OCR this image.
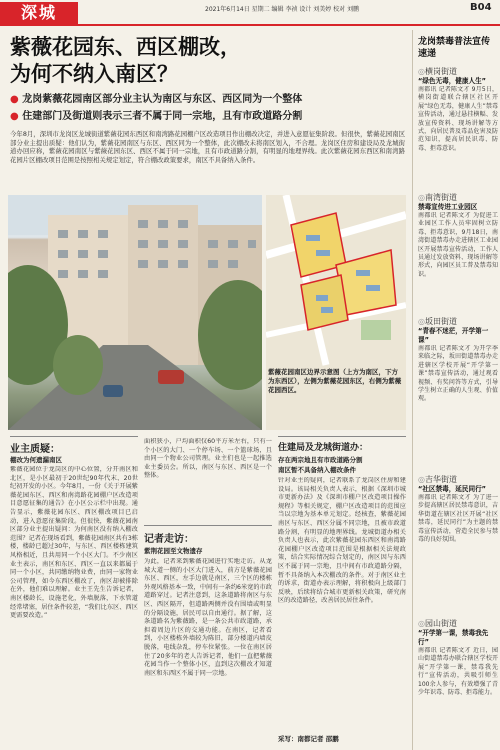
深城	2021年6月14日 星期二 编辑 李祯 设计 刘美婷 校对 刘鹏	B04
紫薇花园东、西区棚改，
为何不纳入南区？
● 龙岗紫薇花园南区部分业主认为南区与东区、西区同为一个整体
● 住建部门及街道则表示三者不属于同一宗地，且有市政道路分割
今年8月，深圳市龙岗区龙城街道紫薇花园东西区和南湾路花园棚户区改造项目作出棚改决定，并进入意愿征集阶段。但很快，紫薇花园南区部分业主提出质疑：他们认为，紫薇花园南区与东区、西区同为一个整体，此次棚改未将南区划入，不合理。龙岗区住房和建设局及龙城街道办回应称，紫薇花园南区与紫薇花园东区、西区不属于同一宗地，且有市政道路分割，有明显的地理界线。此次紫薇花园东西区和南湾路花园片区棚改项目范围是按照相关规定划定，符合棚改政策要求，南区不具备纳入条件。
紫薇花园南区边界示意图（上方为南区，下方为东西区），左侧为紫薇花园东区，右侧为紫薇花园西区。
业主质疑：
棚改为何遗漏南区
紫薇花园位于龙岗区的中心位置，分开南区和北区，是小区最初于20世纪90年代末、20世纪初开发的小区。今年8月，一份《关于开展紫薇花园东区、西区和南湾路花园棚户区改造项目意愿征集的通告》在小区公示栏中出现。通告显示，紫薇花园东区、西区棚改项目已启动，进入意愿征集阶段。但很快，紫薇花园南区部分业主提出疑问：为何南区没有纳入棚改范围？记者在现场看到，紫薇花园南区共有3栋楼，楼龄已超过30年，与东区、西区楼栋建筑风格相近，且共用同一个小区大门。不少南区业主表示，南区和东区、西区一直以来都属于同一个小区，共同缴纳物业费，由同一家物业公司管理，如今东西区棚改了，南区却被排除在外，他们难以理解。业主王先生告诉记者，南区楼龄长，设施老化，外墙脱落，下水管道经常堵塞，居住条件较差，“我们比东区、西区更需要改造。”
面积狭小，户均面积仅60平方米左右，只有一个小区的大门、一个停车场、一个篮球场，且由同一个物业公司管理。业主们也是一起推选业主委员会。所以，南区与东区、西区是一个整体。
记者走访：
紫荆花园至文物遗存
为此，记者来到紫薇花园进行实地走访。从龙城大道一侧的小区大门进入，前方是紫薇花园东区、西区，左手边就是南区，三个区的楼栋外观风格基本一致，中间有一条约6米宽的市政道路穿过。记者注意到，这条道路将南区与东区、西区隔开，但道路两侧并没有围墙或明显的分隔设施，居民可以自由通行。据了解，这条道路名为紫薇路，是一条公共市政道路，承担着周边片区的交通功能。在南区，记者看到，小区楼栋外墙较为陈旧，部分楼道内墙皮脱落，电线杂乱，停车位紧张。一位在南区居住了20多年的老人告诉记者，他们一直把紫薇花园当作一个整体小区，直到这次棚改才知道南区和东西区不属于同一宗地。
住建局及龙城街道办：
存在两宗地且有市政道路分割
南区暂不具备纳入棚改条件
针对业主的疑问，记者联系了龙岗区住房和建设局。该局相关负责人表示，根据《深圳市城市更新办法》及《深圳市棚户区改造项目操作规程》等相关规定，棚户区改造项目的范围应当以宗地为基本单元划定。经核查，紫薇花园南区与东区、西区分属不同宗地，且被市政道路分割，有明显的地理界线。龙城街道办相关负责人也表示，此次紫薇花园东西区和南湾路花园棚户区改造项目范围是根据相关法规政策，结合实际情况综合划定的，南区因与东西区不属于同一宗地，且中间有市政道路分隔，暂不具备纳入本次棚改的条件。对于南区业主的诉求，街道办表示理解，将积极向上级部门反映，后续将结合城市更新相关政策，研究南区的改造路径，改善居民居住条件。
采写：南都记者 邵鹏
龙岗禁毒普法宣传速递
◎横岗街道
“绿色无毒，健康人生”
南都讯 记者陈文才 9月5日，横岗街道联合辖区社区开展“绿色无毒，健康人生”禁毒宣传活动，通过悬挂横幅、发放宣传资料、现场讲解等方式，向居民普及毒品危害及防范知识，提高居民识毒、防毒、拒毒意识。
◎南湾街道
禁毒宣传进工业园区
南都讯 记者陈文才 为促进工业园区工作人员牢固树立防毒、拒毒意识，9月18日，南湾街道禁毒办走进辖区工业园区开展禁毒宣传活动，工作人员通过发放资料、现场讲解等形式，向园区员工普及禁毒知识。
◎坂田街道
“青春不迷茫，开学第一课”
南都讯 记者陈文才 为开学季来临之际，坂田街道禁毒办走进辖区学校开展“开学第一课”禁毒宣传活动，通过观看视频、有奖问答等方式，引导学生树立正确的人生观、价值观。
◎吉华街道
“社区禁毒，延民同行”
南都讯 记者陈文才 为了进一步提高辖区居民禁毒意识，吉华街道在辖区社区开展“社区禁毒，延民同行”为主题的禁毒宣传活动，营造全民参与禁毒的良好氛围。
◎园山街道
“开学第一课，禁毒我先行”
南都讯 记者陈文才 近日，园山街道禁毒办联合辖区学校开展“开学第一课，禁毒我先行”宣传活动，共吸引师生100余人参与，有效增强了青少年识毒、防毒、拒毒能力。
